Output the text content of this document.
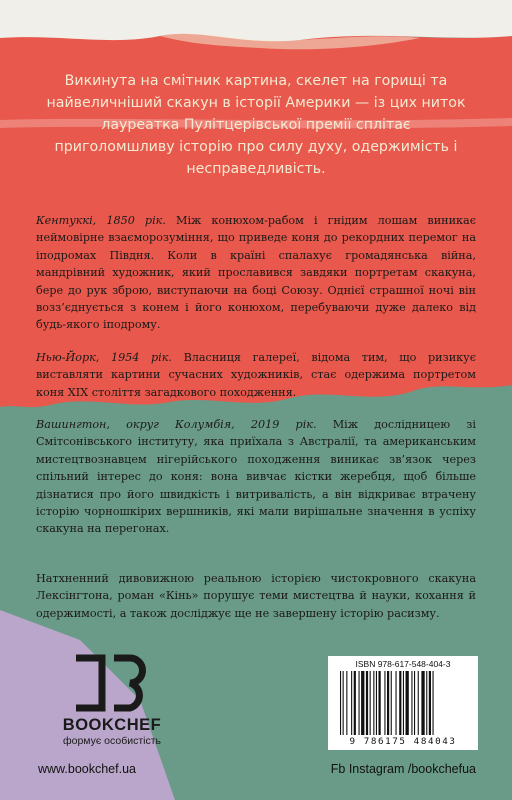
Викинута на смітник картина, скелет на горищі та найвеличніший скакун в історії Америки — із цих ниток лауреатка Пулітцерівської премії сплітає приголомшливу історію про силу духу, одержимість і несправедливість.

Кентуккі, 1850 рік. Між конюхом-рабом і гнідим лошам виникає неймовірне взаєморозуміння, що приведе коня до рекордних перемог на іподромах Півдня. Коли в країні спалахує громадянська війна, мандрівний художник, який прославився завдяки портретам скакуна, бере до рук зброю, виступаючи на боці Союзу. Однієї страшної ночі він возз’єднується з конем і його конюхом, перебуваючи дуже далеко від будь-якого іподрому.

Нью-Йорк, 1954 рік. Власниця галереї, відома тим, що ризикує виставляти картини сучасних художників, стає одержима портретом коня XIX століття загадкового походження.

Вашингтон, округ Колумбія, 2019 рік. Між дослідницею зі Смітсонівського інституту, яка приїхала з Австралії, та американським мистецтвознавцем нігерійського походження виникає зв’язок через спільний інтерес до коня: вона вивчає кістки жеребця, щоб більше дізнатися про його швидкість і витривалість, а він відкриває втрачену історію чорношкірих вершників, які мали вирішальне значення в успіху скакуна на перегонах.

Натхненний дивовижною реальною історією чистокровного скакуна Лексінгтона, роман «Кінь» порушує теми мистецтва й науки, кохання й одержимості, а також досліджує ще не завершену історію расизму.

BOOKCHEF

формує особистість

ISBN 978-617-548-404-3

9 786175 484043

www.bookchef.ua	Fb Instagram /bookchefua
